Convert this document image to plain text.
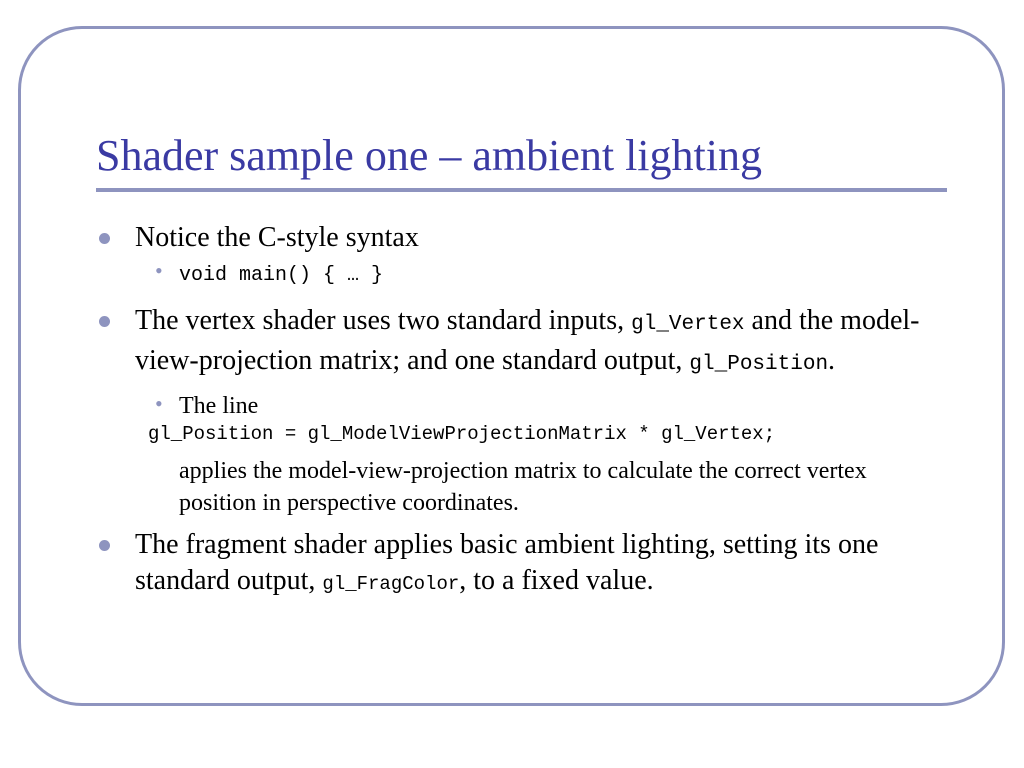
Shader sample one – ambient lighting
Notice the C-style syntax
• void main() { … }
The vertex shader uses two standard inputs, gl_Vertex and the model-view-projection matrix; and one standard output, gl_Position.
• The line
gl_Position = gl_ModelViewProjectionMatrix * gl_Vertex;
applies the model-view-projection matrix to calculate the correct vertex position in perspective coordinates.
The fragment shader applies basic ambient lighting, setting its one standard output, gl_FragColor, to a fixed value.
